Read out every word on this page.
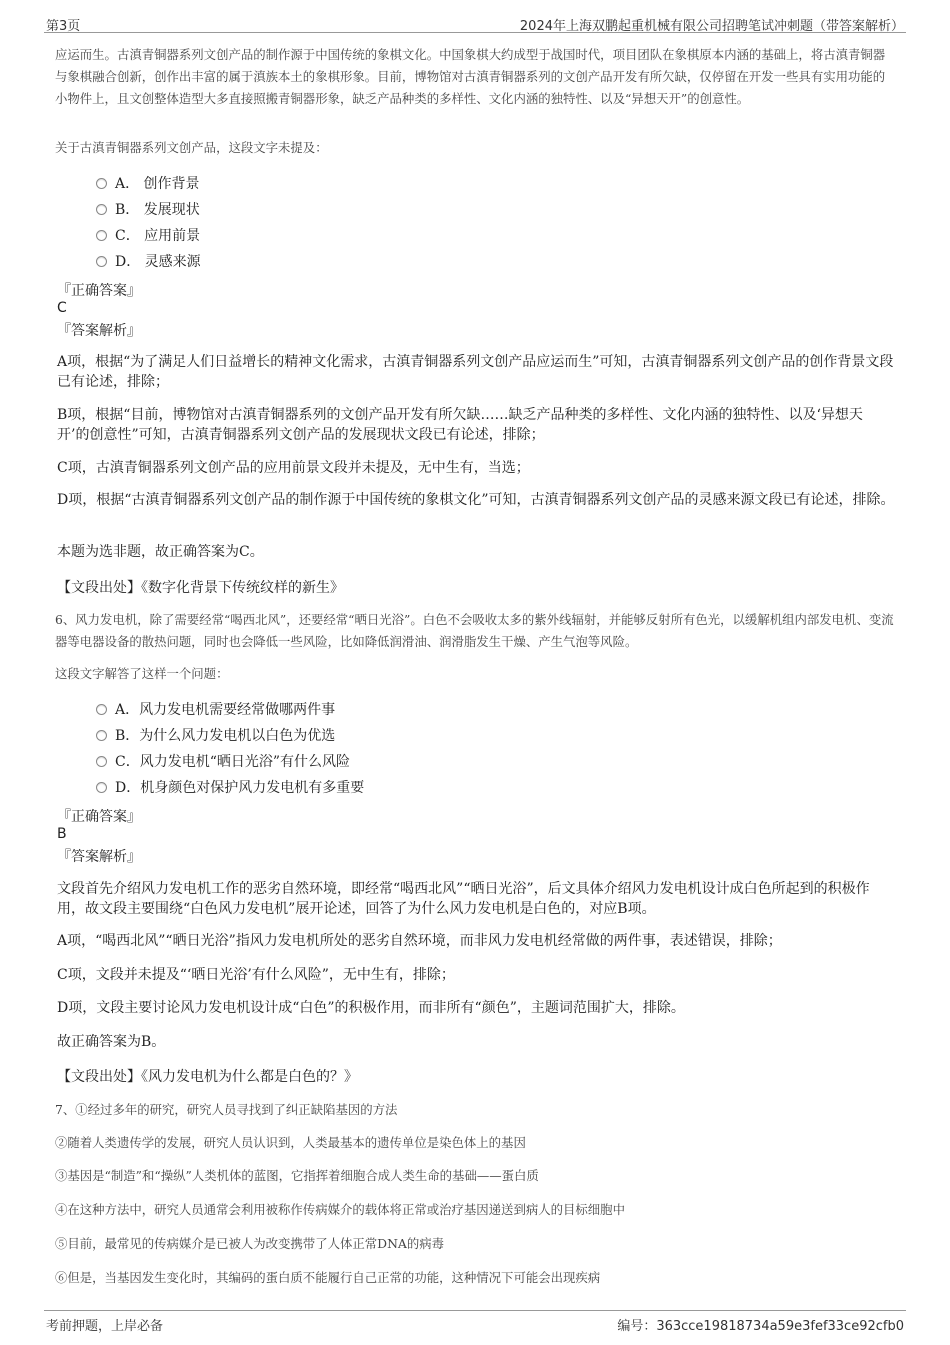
第3页	2024年上海双鹏起重机械有限公司招聘笔试冲刺题（带答案解析）
应运而生。古滇青铜器系列文创产品的制作源于中国传统的象棋文化。中国象棋大约成型于战国时代，项目团队在象棋原本内涵的基础上，将古滇青铜器与象棋融合创新，创作出丰富的属于滇族本土的象棋形象。目前，博物馆对古滇青铜器系列的文创产品开发有所欠缺，仅停留在开发一些具有实用功能的小物件上，且文创整体造型大多直接照搬青铜器形象，缺乏产品种类的多样性、文化内涵的独特性、以及“异想天开”的创意性。
关于古滇青铜器系列文创产品，这段文字未提及：
A． 创作背景
B． 发展现状
C． 应用前景
D． 灵感来源
『正确答案』
C
『答案解析』
A项，根据“为了满足人们日益增长的精神文化需求，古滇青铜器系列文创产品应运而生”可知，古滇青铜器系列文创产品的创作背景文段已有论述，排除；
B项，根据“目前，博物馆对古滇青铜器系列的文创产品开发有所欠缺……缺乏产品种类的多样性、文化内涵的独特性、以及‘异想天开’的创意性”可知，古滇青铜器系列文创产品的发展现状文段已有论述，排除；
C项，古滇青铜器系列文创产品的应用前景文段并未提及，无中生有，当选；
D项，根据“古滇青铜器系列文创产品的制作源于中国传统的象棋文化”可知，古滇青铜器系列文创产品的灵感来源文段已有论述，排除。
本题为选非题，故正确答案为C。
【文段出处】《数字化背景下传统纹样的新生》
6、风力发电机，除了需要经常“喝西北风”，还要经常“晒日光浴”。白色不会吸收太多的紫外线辐射，并能够反射所有色光，以缓解机组内部发电机、变流器等电器设备的散热问题，同时也会降低一些风险，比如降低润滑油、润滑脂发生干燥、产生气泡等风险。
这段文字解答了这样一个问题：
A．风力发电机需要经常做哪两件事
B．为什么风力发电机以白色为优选
C．风力发电机“晒日光浴”有什么风险
D．机身颜色对保护风力发电机有多重要
『正确答案』
B
『答案解析』
文段首先介绍风力发电机工作的恶劣自然环境，即经常“喝西北风”“晒日光浴”，后文具体介绍风力发电机设计成白色所起到的积极作用，故文段主要围绕“白色风力发电机”展开论述，回答了为什么风力发电机是白色的，对应B项。
A项，“喝西北风”“晒日光浴”指风力发电机所处的恶劣自然环境，而非风力发电机经常做的两件事，表述错误，排除；
C项，文段并未提及“‘晒日光浴’有什么风险”，无中生有，排除；
D项，文段主要讨论风力发电机设计成“白色”的积极作用，而非所有“颜色”，主题词范围扩大，排除。
故正确答案为B。
【文段出处】《风力发电机为什么都是白色的？》
7、①经过多年的研究，研究人员寻找到了纠正缺陷基因的方法
②随着人类遗传学的发展，研究人员认识到，人类最基本的遗传单位是染色体上的基因
③基因是“制造”和“操纵”人类机体的蓝图，它指挥着细胞合成人类生命的基础——蛋白质
④在这种方法中，研究人员通常会利用被称作传病媒介的载体将正常或治疗基因递送到病人的目标细胞中
⑤目前，最常见的传病媒介是已被人为改变携带了人体正常DNA的病毒
⑥但是，当基因发生变化时，其编码的蛋白质不能履行自己正常的功能，这种情况下可能会出现疾病
考前押题，上岸必备	编号：363cce19818734a59e3fef33ce92cfb0
